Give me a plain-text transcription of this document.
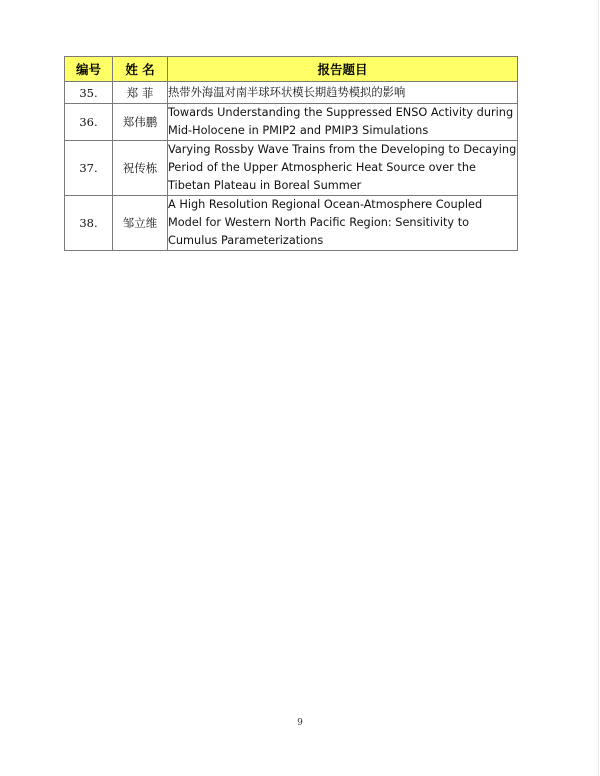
编号	姓 名	报告题目
35.	郑 菲	热带外海温对南半球环状模长期趋势模拟的影响
36.	郑伟鹏	Towards Understanding the Suppressed ENSO Activity during Mid-Holocene in PMIP2 and PMIP3 Simulations
37.	祝传栋	Varying Rossby Wave Trains from the Developing to Decaying Period of the Upper Atmospheric Heat Source over the Tibetan Plateau in Boreal Summer
38.	邹立维	A High Resolution Regional Ocean-Atmosphere Coupled Model for Western North Pacific Region: Sensitivity to Cumulus Parameterizations
9
